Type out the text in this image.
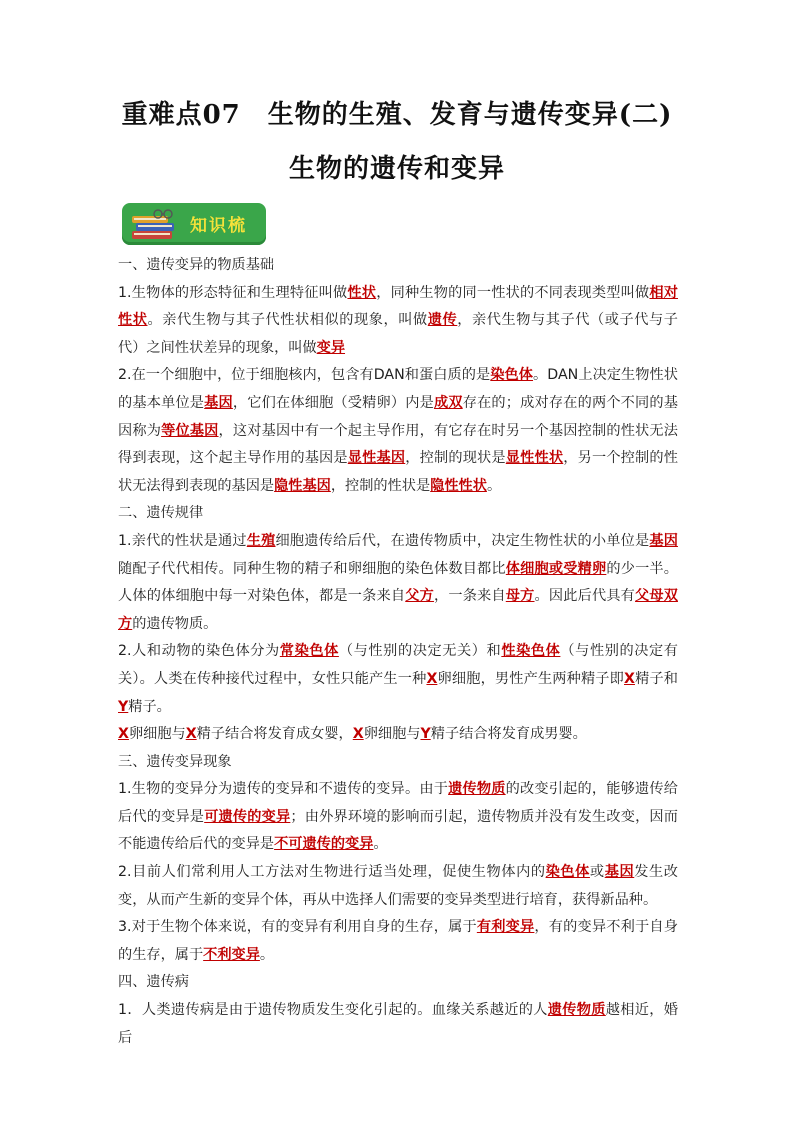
重难点07　生物的生殖、发育与遗传变异(二)
生物的遗传和变异
知识梳

一、遗传变异的物质基础

1.生物体的形态特征和生理特征叫做性状，同种生物的同一性状的不同表现类型叫做相对性状。亲代生物与其子代性状相似的现象，叫做遗传，亲代生物与其子代（或子代与子代）之间性状差异的现象，叫做变异

2.在一个细胞中，位于细胞核内，包含有DAN和蛋白质的是染色体。DAN上决定生物性状的基本单位是基因，它们在体细胞（受精卵）内是成双存在的；成对存在的两个不同的基因称为等位基因，这对基因中有一个起主导作用，有它存在时另一个基因控制的性状无法得到表现，这个起主导作用的基因是显性基因，控制的现状是显性性状，另一个控制的性状无法得到表现的基因是隐性基因，控制的性状是隐性性状。

二、遗传规律

1.亲代的性状是通过生殖细胞遗传给后代，在遗传物质中，决定生物性状的小单位是基因随配子代代相传。同种生物的精子和卵细胞的染色体数目都比体细胞或受精卵的少一半。人体的体细胞中每一对染色体，都是一条来自父方，一条来自母方。因此后代具有父母双方的遗传物质。

2.人和动物的染色体分为常染色体（与性别的决定无关）和性染色体（与性别的决定有关）。人类在传种接代过程中，女性只能产生一种X卵细胞，男性产生两种精子即X精子和Y精子。

X卵细胞与X精子结合将发育成女婴，X卵细胞与Y精子结合将发育成男婴。

三、遗传变异现象

1.生物的变异分为遗传的变异和不遗传的变异。由于遗传物质的改变引起的，能够遗传给后代的变异是可遗传的变异；由外界环境的影响而引起，遗传物质并没有发生改变，因而不能遗传给后代的变异是不可遗传的变异。

2.目前人们常利用人工方法对生物进行适当处理，促使生物体内的染色体或基因发生改变，从而产生新的变异个体，再从中选择人们需要的变异类型进行培育，获得新品种。

3.对于生物个体来说，有的变异有利用自身的生存，属于有利变异，有的变异不利于自身的生存，属于不利变异。

四、遗传病

1．人类遗传病是由于遗传物质发生变化引起的。血缘关系越近的人遗传物质越相近，婚后
